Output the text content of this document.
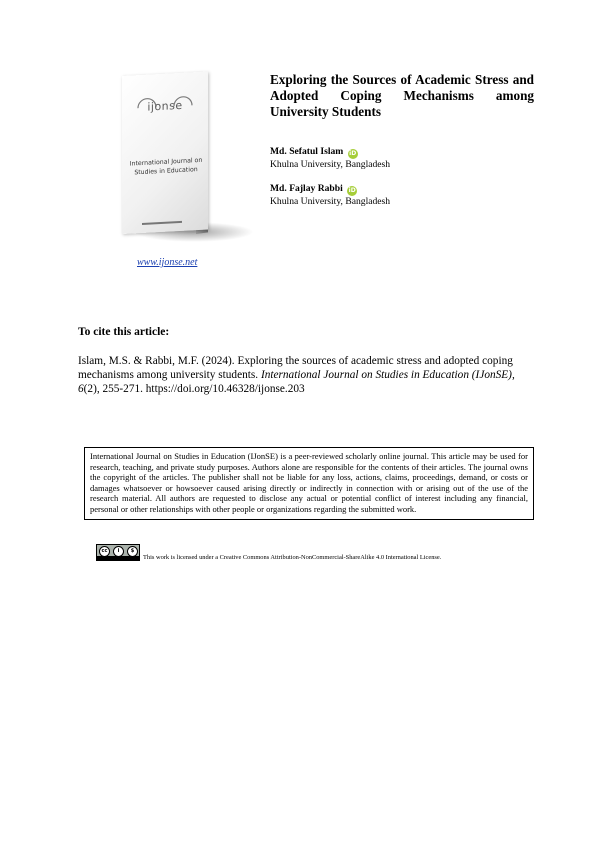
ijonse
International Journal on Studies in Education
www.ijonse.net
Exploring the Sources of Academic Stress and Adopted Coping Mechanisms among University Students
Md. Sefatul Islam iD
Khulna University, Bangladesh
Md. Fajlay Rabbi iD
Khulna University, Bangladesh
To cite this article:
Islam, M.S. & Rabbi, M.F. (2024). Exploring the sources of academic stress and adopted coping mechanisms among university students. International Journal on Studies in Education (IJonSE), 6(2), 255-271. https://doi.org/10.46328/ijonse.203
International Journal on Studies in Education (IJonSE) is a peer-reviewed scholarly online journal. This article may be used for research, teaching, and private study purposes. Authors alone are responsible for the contents of their articles. The journal owns the copyright of the articles. The publisher shall not be liable for any loss, actions, claims, proceedings, demand, or costs or damages whatsoever or howsoever caused arising directly or indirectly in connection with or arising out of the use of the research material. All authors are requested to disclose any actual or potential conflict of interest including any financial, personal or other relationships with other people or organizations regarding the submitted work.
cc	i	$
This work is licensed under a Creative Commons Attribution-NonCommercial-ShareAlike 4.0 International License.
